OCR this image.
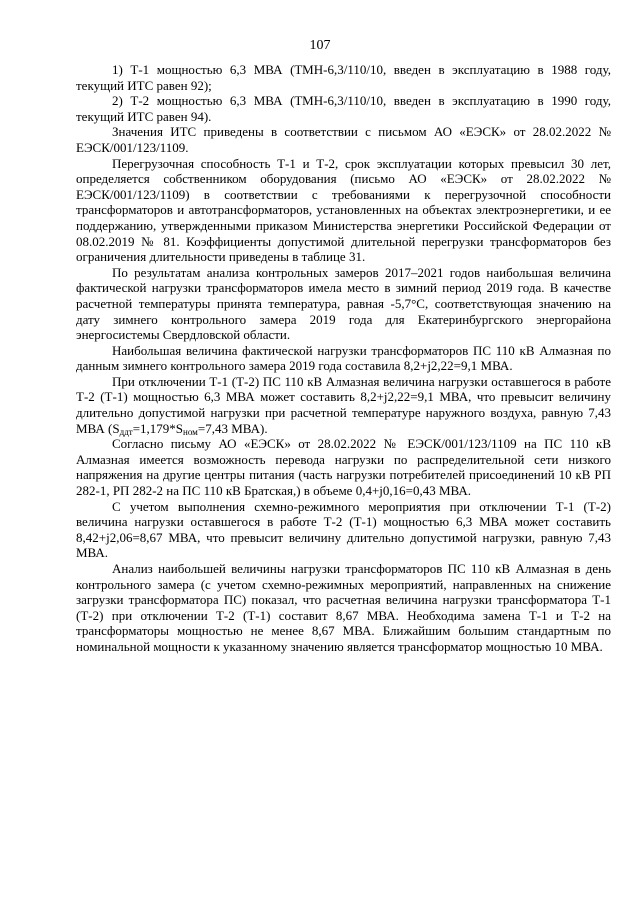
107

1) Т-1 мощностью 6,3 МВА (ТМН-6,3/110/10, введен в эксплуатацию в 1988 году, текущий ИТС равен 92);

2) Т-2 мощностью 6,3 МВА (ТМН-6,3/110/10, введен в эксплуатацию в 1990 году, текущий ИТС равен 94).

Значения ИТС приведены в соответствии с письмом АО «ЕЭСК» от 28.02.2022 № ЕЭСК/001/123/1109.

Перегрузочная способность Т-1 и Т-2, срок эксплуатации которых превысил 30 лет, определяется собственником оборудования (письмо АО «ЕЭСК» от 28.02.2022 № ЕЭСК/001/123/1109) в соответствии с требованиями к перегрузочной способности трансформаторов и автотрансформаторов, установленных на объектах электроэнергетики, и ее поддержанию, утвержденными приказом Министерства энергетики Российской Федерации от 08.02.2019 № 81. Коэффициенты допустимой длительной перегрузки трансформаторов без ограничения длительности приведены в таблице 31.

По результатам анализа контрольных замеров 2017–2021 годов наибольшая величина фактической нагрузки трансформаторов имела место в зимний период 2019 года. В качестве расчетной температуры принята температура, равная -5,7°С, соответствующая значению на дату зимнего контрольного замера 2019 года для Екатеринбургского энергорайона энергосистемы Свердловской области.

Наибольшая величина фактической нагрузки трансформаторов ПС 110 кВ Алмазная по данным зимнего контрольного замера 2019 года составила 8,2+j2,22=9,1 МВА.

При отключении Т-1 (Т-2) ПС 110 кВ Алмазная величина нагрузки оставшегося в работе Т-2 (Т-1) мощностью 6,3 МВА может составить 8,2+j2,22=9,1 МВА, что превысит величину длительно допустимой нагрузки при расчетной температуре наружного воздуха, равную 7,43 МВА ($S_{ддт}=1,179*S_{ном}=7,43$ МВА).

Согласно письму АО «ЕЭСК» от 28.02.2022 № ЕЭСК/001/123/1109 на ПС 110 кВ Алмазная имеется возможность перевода нагрузки по распределительной сети низкого напряжения на другие центры питания (часть нагрузки потребителей присоединений 10 кВ РП 282-1, РП 282-2 на ПС 110 кВ Братская,) в объеме 0,4+j0,16=0,43 МВА.

С учетом выполнения схемно-режимного мероприятия при отключении Т-1 (Т-2) величина нагрузки оставшегося в работе Т-2 (Т-1) мощностью 6,3 МВА может составить 8,42+j2,06=8,67 МВА, что превысит величину длительно допустимой нагрузки, равную 7,43 МВА.

Анализ наибольшей величины нагрузки трансформаторов ПС 110 кВ Алмазная в день контрольного замера (с учетом схемно-режимных мероприятий, направленных на снижение загрузки трансформатора ПС) показал, что расчетная величина нагрузки трансформатора Т-1 (Т-2) при отключении Т-2 (Т-1) составит 8,67 МВА. Необходима замена Т-1 и Т-2 на трансформаторы мощностью не менее 8,67 МВА. Ближайшим большим стандартным по номинальной мощности к указанному значению является трансформатор мощностью 10 МВА.
